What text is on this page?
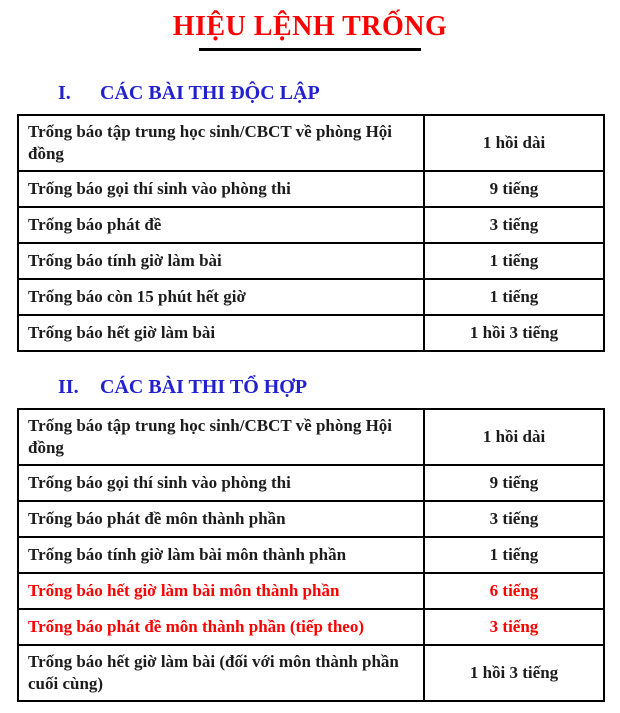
HIỆU LỆNH TRỐNG

I. CÁC BÀI THI ĐỘC LẬP

Trống báo tập trung học sinh/CBCT về phòng Hội đồng	1 hồi dài
Trống báo gọi thí sinh vào phòng thi	9 tiếng
Trống báo phát đề	3 tiếng
Trống báo tính giờ làm bài	1 tiếng
Trống báo còn 15 phút hết giờ	1 tiếng
Trống báo hết giờ làm bài	1 hồi 3 tiếng

II. CÁC BÀI THI TỔ HỢP

Trống báo tập trung học sinh/CBCT về phòng Hội đồng	1 hồi dài
Trống báo gọi thí sinh vào phòng thi	9 tiếng
Trống báo phát đề môn thành phần	3 tiếng
Trống báo tính giờ làm bài môn thành phần	1 tiếng
Trống báo hết giờ làm bài môn thành phần	6 tiếng
Trống báo phát đề môn thành phần (tiếp theo)	3 tiếng
Trống báo hết giờ làm bài (đối với môn thành phần cuối cùng)	1 hồi 3 tiếng
